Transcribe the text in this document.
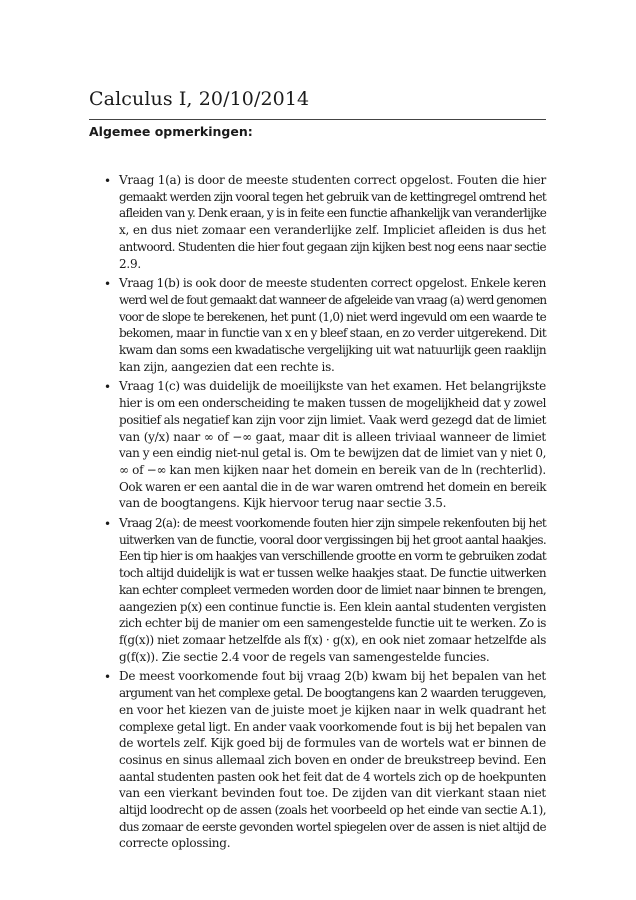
Calculus I, 20/10/2014
Algemee opmerkingen:
• Vraag 1(a) is door de meeste studenten correct opgelost. Fouten die hier
gemaakt werden zijn vooral tegen het gebruik van de kettingregel omtrend het
afleiden van y. Denk eraan, y is in feite een functie afhankelijk van veranderlijke
x, en dus niet zomaar een veranderlijke zelf. Impliciet afleiden is dus het
antwoord. Studenten die hier fout gegaan zijn kijken best nog eens naar sectie
2.9.
• Vraag 1(b) is ook door de meeste studenten correct opgelost. Enkele keren
werd wel de fout gemaakt dat wanneer de afgeleide van vraag (a) werd genomen
voor de slope te berekenen, het punt (1,0) niet werd ingevuld om een waarde te
bekomen, maar in functie van x en y bleef staan, en zo verder uitgerekend. Dit
kwam dan soms een kwadatische vergelijking uit wat natuurlijk geen raaklijn
kan zijn, aangezien dat een rechte is.
• Vraag 1(c) was duidelijk de moeilijkste van het examen. Het belangrijkste
hier is om een onderscheiding te maken tussen de mogelijkheid dat y zowel
positief als negatief kan zijn voor zijn limiet. Vaak werd gezegd dat de limiet
van (y/x) naar ∞ of −∞ gaat, maar dit is alleen triviaal wanneer de limiet
van y een eindig niet-nul getal is. Om te bewijzen dat de limiet van y niet 0,
∞ of −∞ kan men kijken naar het domein en bereik van de ln (rechterlid).
Ook waren er een aantal die in de war waren omtrend het domein en bereik
van de boogtangens. Kijk hiervoor terug naar sectie 3.5.
• Vraag 2(a): de meest voorkomende fouten hier zijn simpele rekenfouten bij het
uitwerken van de functie, vooral door vergissingen bij het groot aantal haakjes.
Een tip hier is om haakjes van verschillende grootte en vorm te gebruiken zodat
toch altijd duidelijk is wat er tussen welke haakjes staat. De functie uitwerken
kan echter compleet vermeden worden door de limiet naar binnen te brengen,
aangezien p(x) een continue functie is. Een klein aantal studenten vergisten
zich echter bij de manier om een samengestelde functie uit te werken. Zo is
f(g(x)) niet zomaar hetzelfde als f(x) · g(x), en ook niet zomaar hetzelfde als
g(f(x)). Zie sectie 2.4 voor de regels van samengestelde funcies.
• De meest voorkomende fout bij vraag 2(b) kwam bij het bepalen van het
argument van het complexe getal. De boogtangens kan 2 waarden teruggeven,
en voor het kiezen van de juiste moet je kijken naar in welk quadrant het
complexe getal ligt. En ander vaak voorkomende fout is bij het bepalen van
de wortels zelf. Kijk goed bij de formules van de wortels wat er binnen de
cosinus en sinus allemaal zich boven en onder de breukstreep bevind. Een
aantal studenten pasten ook het feit dat de 4 wortels zich op de hoekpunten
van een vierkant bevinden fout toe. De zijden van dit vierkant staan niet
altijd loodrecht op de assen (zoals het voorbeeld op het einde van sectie A.1),
dus zomaar de eerste gevonden wortel spiegelen over de assen is niet altijd de
correcte oplossing.
